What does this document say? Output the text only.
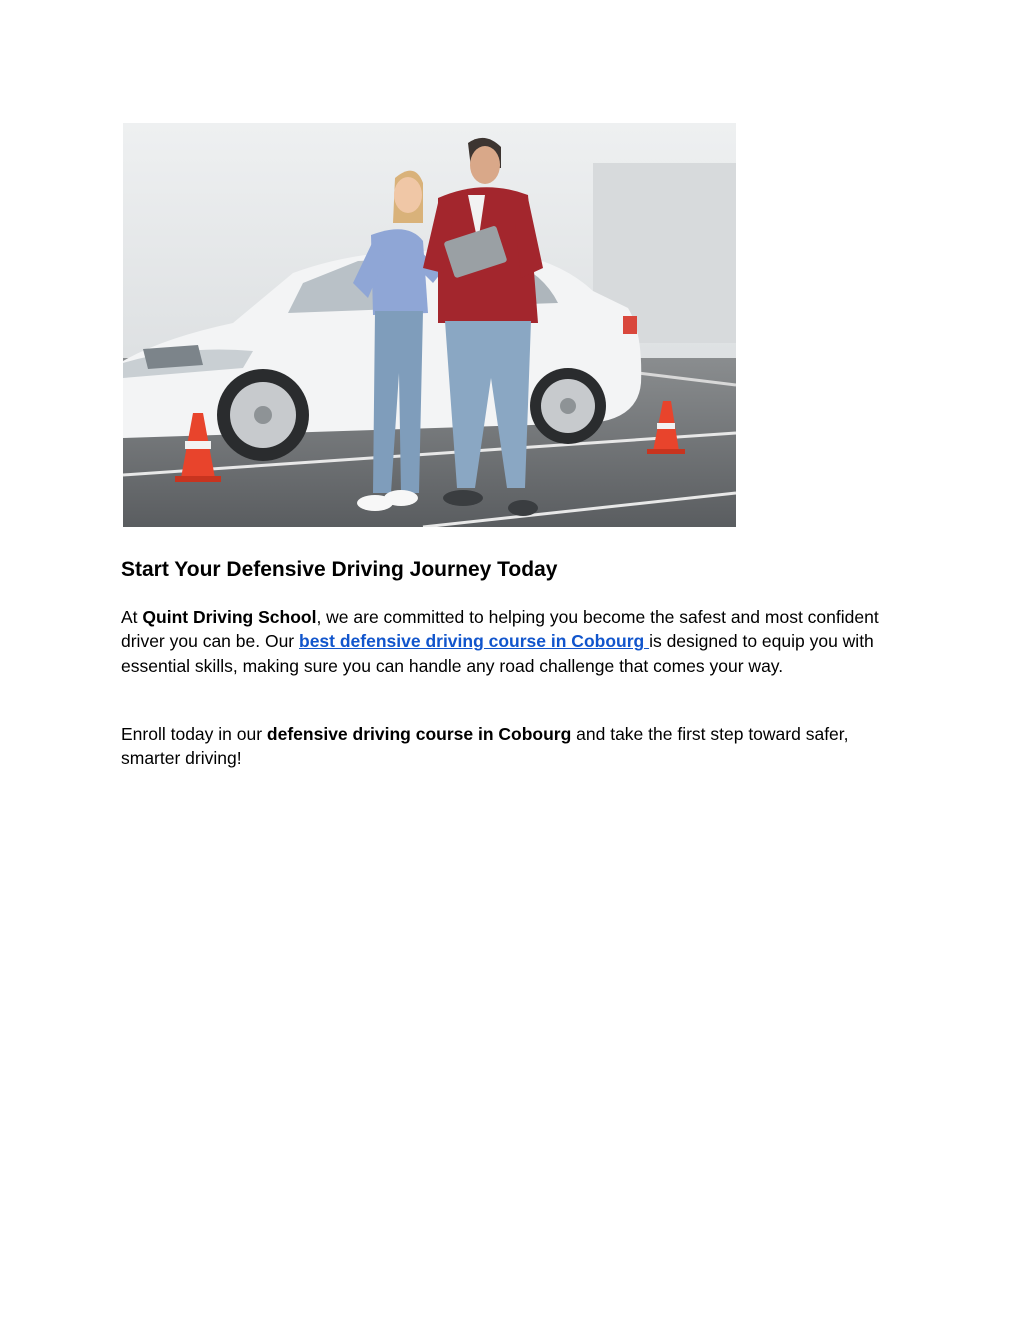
Start Your Defensive Driving Journey Today

At Quint Driving School, we are committed to helping you become the safest and most confident driver you can be. Our best defensive driving course in Cobourg is designed to equip you with essential skills, making sure you can handle any road challenge that comes your way.

Enroll today in our defensive driving course in Cobourg and take the first step toward safer, smarter driving!
